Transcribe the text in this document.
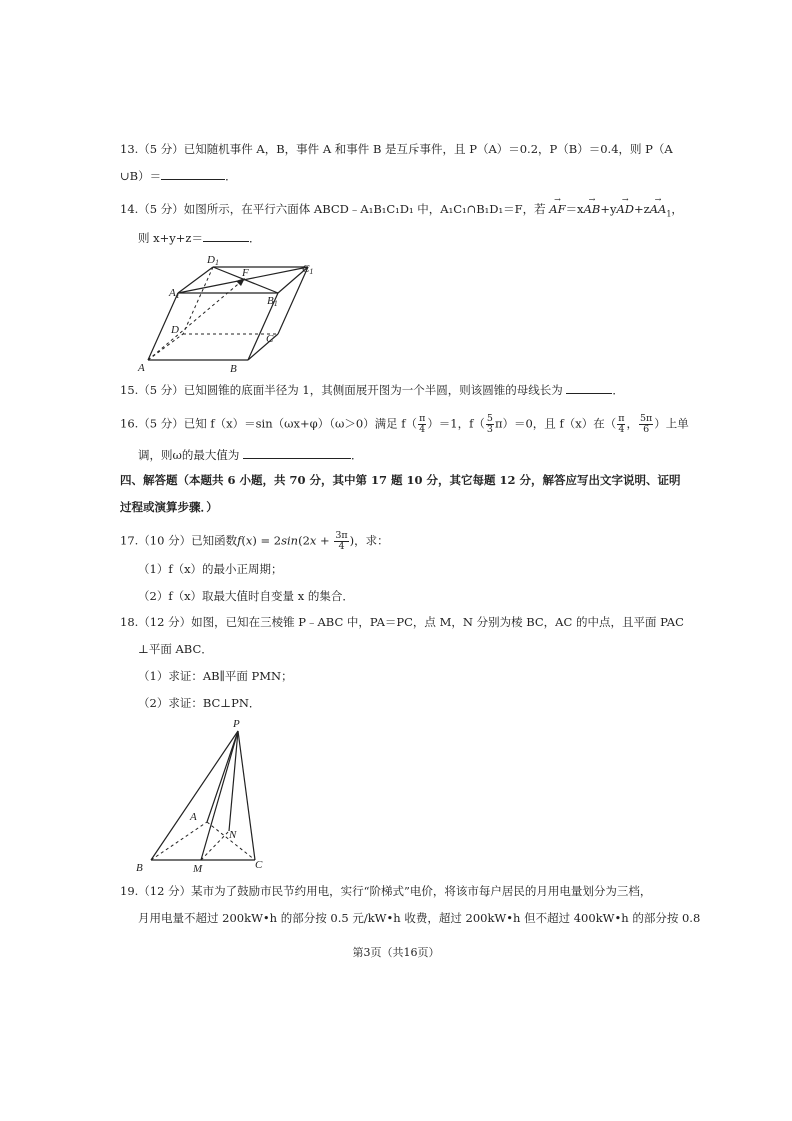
13.（5 分）已知随机事件 A，B，事件 A 和事件 B 是互斥事件，且 P（A）＝0.2，P（B）＝0.4，则 P（A
∪B）＝	．
14.（5 分）如图所示，在平行六面体 ABCD﹣A₁B₁C₁D₁ 中，A₁C₁∩B₁D₁＝F，若 → $AF=x\to AB+y\to AD+z\to AA_1$，
则 x+y+z＝	．
D1
F	C1
A1	B1
D
C
A	B
15.（5 分）已知圆锥的底面半径为 1，其侧面展开图为一个半圆，则该圆锥的母线长为	．
16.（5 分）已知 f（x）＝sin（ωx+φ）（ω＞0）满足 $f( \frac{\pi}{4} )=1$，$f( \frac{5}{3} \pi)=0$，且 f（x）在（ $\frac{\pi}{4}$ ， $\frac{5\pi}{6}$ ）上单
调，则ω的最大值为	．
四、解答题（本题共 6 小题，共 70 分，其中第 17 题 10 分，其它每题 12 分，解答应写出文字说明、证明
过程或演算步骤．）
17.（10 分）已知函数$f(x) = 2\sin(2x + \frac{3\pi}{4}$ )，求：
（1）f（x）的最小正周期；
（2）f（x）取最大值时自变量 x 的集合．
18.（12 分）如图，已知在三棱锥 P﹣ABC 中，PA＝PC，点 M，N 分别为棱 BC，AC 的中点，且平面 PAC
⊥平面 ABC．
（1）求证：AB∥平面 PMN；
（2）求证：BC⊥PN．
P
A
N
B	M	C
19.（12 分）某市为了鼓励市民节约用电，实行“阶梯式”电价，将该市每户居民的月用电量划分为三档，
月用电量不超过 200kW•h 的部分按 0.5 元/kW•h 收费，超过 200kW•h 但不超过 400kW•h 的部分按 0.8
第3页（共16页）
